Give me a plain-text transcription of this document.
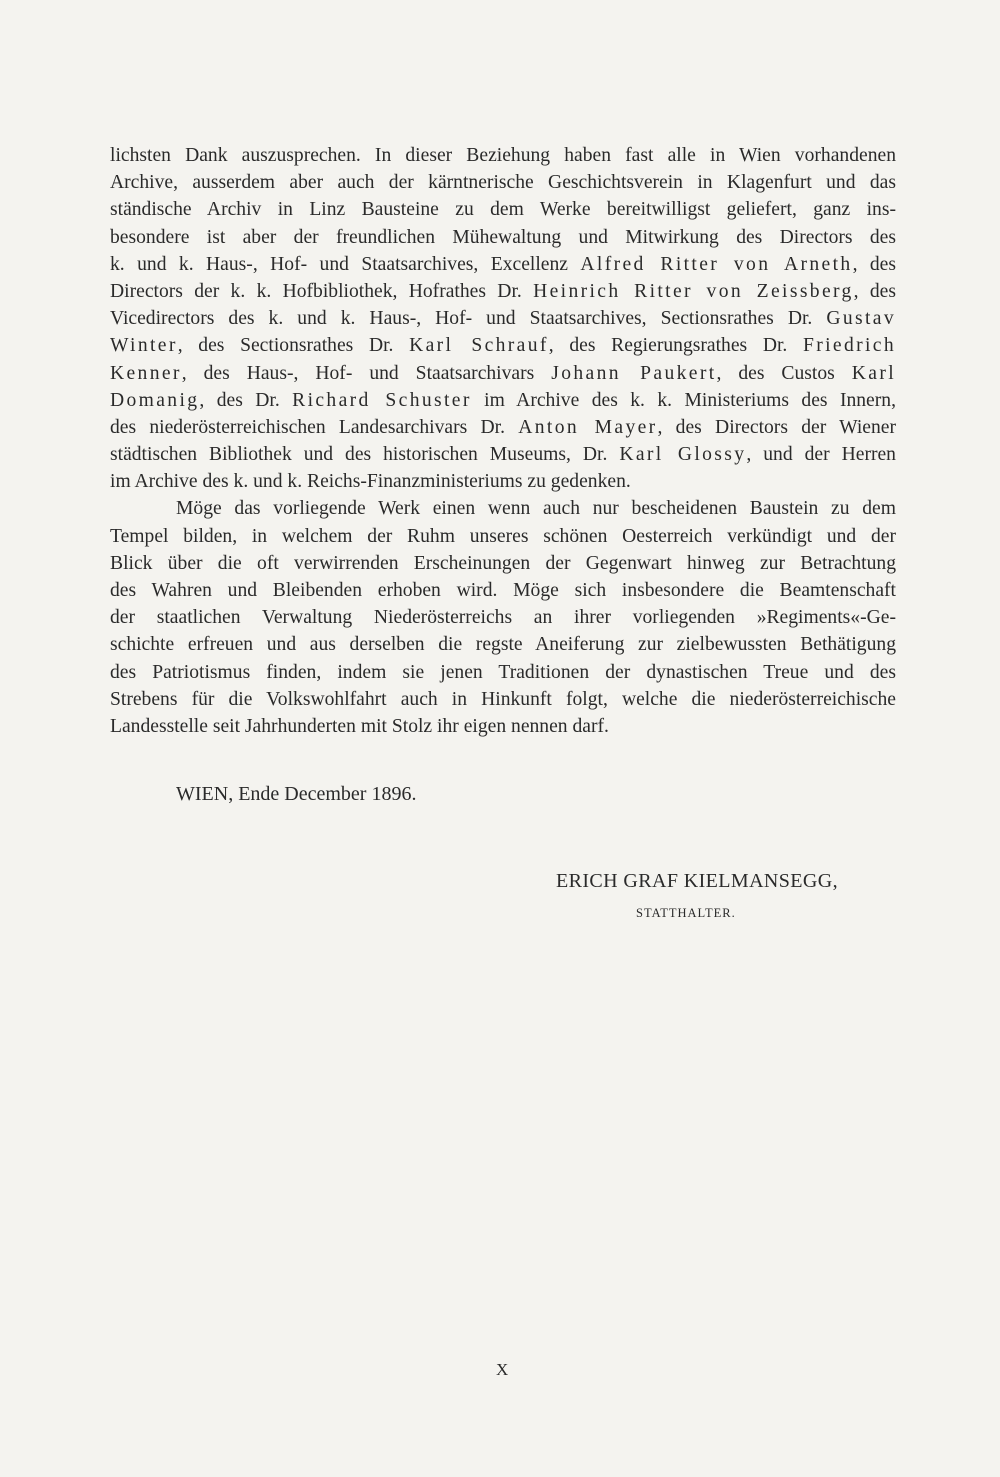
lichsten Dank auszusprechen. In dieser Beziehung haben fast alle in Wien vorhandenen
Archive, ausserdem aber auch der kärntnerische Geschichtsverein in Klagenfurt und das
ständische Archiv in Linz Bausteine zu dem Werke bereitwilligst geliefert, ganz ins-
besondere ist aber der freundlichen Mühewaltung und Mitwirkung des Directors des
k. und k. Haus-, Hof- und Staatsarchives, Excellenz Alfred Ritter von Arneth, des
Directors der k. k. Hofbibliothek, Hofrathes Dr. Heinrich Ritter von Zeissberg, des
Vicedirectors des k. und k. Haus-, Hof- und Staatsarchives, Sectionsrathes Dr. Gustav
Winter, des Sectionsrathes Dr. Karl Schrauf, des Regierungsrathes Dr. Friedrich
Kenner, des Haus-, Hof- und Staatsarchivars Johann Paukert, des Custos Karl
Domanig, des Dr. Richard Schuster im Archive des k. k. Ministeriums des Innern,
des niederösterreichischen Landesarchivars Dr. Anton Mayer, des Directors der Wiener
städtischen Bibliothek und des historischen Museums, Dr. Karl Glossy, und der Herren
im Archive des k. und k. Reichs-Finanzministeriums zu gedenken.
Möge das vorliegende Werk einen wenn auch nur bescheidenen Baustein zu dem
Tempel bilden, in welchem der Ruhm unseres schönen Oesterreich verkündigt und der
Blick über die oft verwirrenden Erscheinungen der Gegenwart hinweg zur Betrachtung
des Wahren und Bleibenden erhoben wird. Möge sich insbesondere die Beamtenschaft
der staatlichen Verwaltung Niederösterreichs an ihrer vorliegenden »Regiments«-Ge-
schichte erfreuen und aus derselben die regste Aneiferung zur zielbewussten Bethätigung
des Patriotismus finden, indem sie jenen Traditionen der dynastischen Treue und des
Strebens für die Volkswohlfahrt auch in Hinkunft folgt, welche die niederösterreichische
Landesstelle seit Jahrhunderten mit Stolz ihr eigen nennen darf.
WIEN, Ende December 1896.
ERICH GRAF KIELMANSEGG,
STATTHALTER.
X
